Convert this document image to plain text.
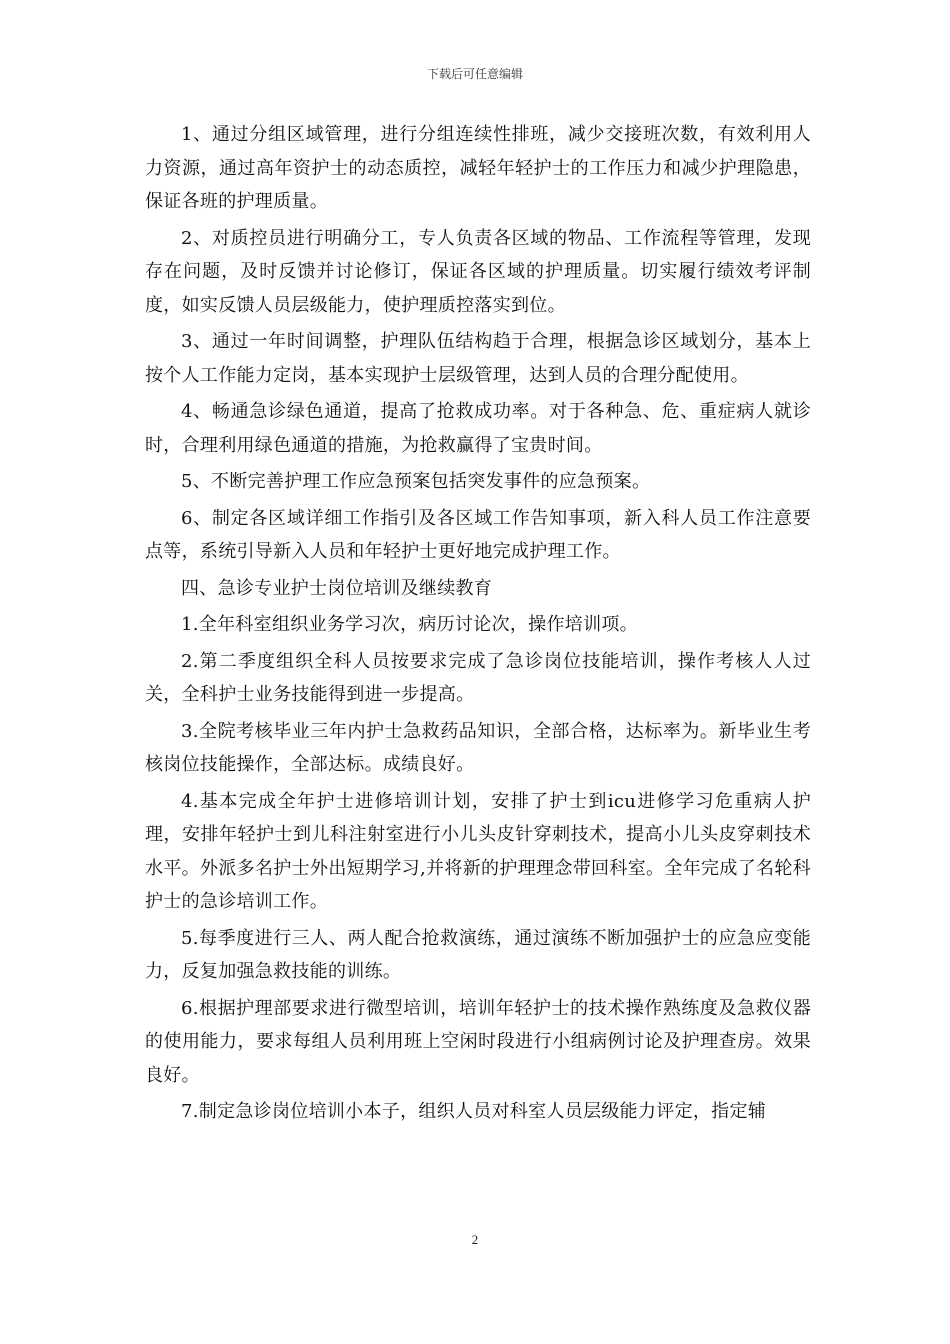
下载后可任意编辑

1、通过分组区域管理，进行分组连续性排班，减少交接班次数，有效利用人力资源，通过高年资护士的动态质控，减轻年轻护士的工作压力和减少护理隐患，保证各班的护理质量。

2、对质控员进行明确分工，专人负责各区域的物品、工作流程等管理，发现存在问题，及时反馈并讨论修订，保证各区域的护理质量。切实履行绩效考评制度，如实反馈人员层级能力，使护理质控落实到位。

3、通过一年时间调整，护理队伍结构趋于合理，根据急诊区域划分，基本上按个人工作能力定岗，基本实现护士层级管理，达到人员的合理分配使用。

4、畅通急诊绿色通道，提高了抢救成功率。对于各种急、危、重症病人就诊时，合理利用绿色通道的措施，为抢救赢得了宝贵时间。

5、不断完善护理工作应急预案包括突发事件的应急预案。

6、制定各区域详细工作指引及各区域工作告知事项，新入科人员工作注意要点等，系统引导新入人员和年轻护士更好地完成护理工作。

四、急诊专业护士岗位培训及继续教育

1.全年科室组织业务学习次，病历讨论次，操作培训项。

2.第二季度组织全科人员按要求完成了急诊岗位技能培训，操作考核人人过关，全科护士业务技能得到进一步提高。

3.全院考核毕业三年内护士急救药品知识，全部合格，达标率为。新毕业生考核岗位技能操作，全部达标。成绩良好。

4.基本完成全年护士进修培训计划，安排了护士到icu进修学习危重病人护理，安排年轻护士到儿科注射室进行小儿头皮针穿刺技术，提高小儿头皮穿刺技术水平。外派多名护士外出短期学习,并将新的护理理念带回科室。全年完成了名轮科护士的急诊培训工作。

5.每季度进行三人、两人配合抢救演练，通过演练不断加强护士的应急应变能力，反复加强急救技能的训练。

6.根据护理部要求进行微型培训，培训年轻护士的技术操作熟练度及急救仪器的使用能力，要求每组人员利用班上空闲时段进行小组病例讨论及护理查房。效果良好。

7.制定急诊岗位培训小本子，组织人员对科室人员层级能力评定，指定辅

2
